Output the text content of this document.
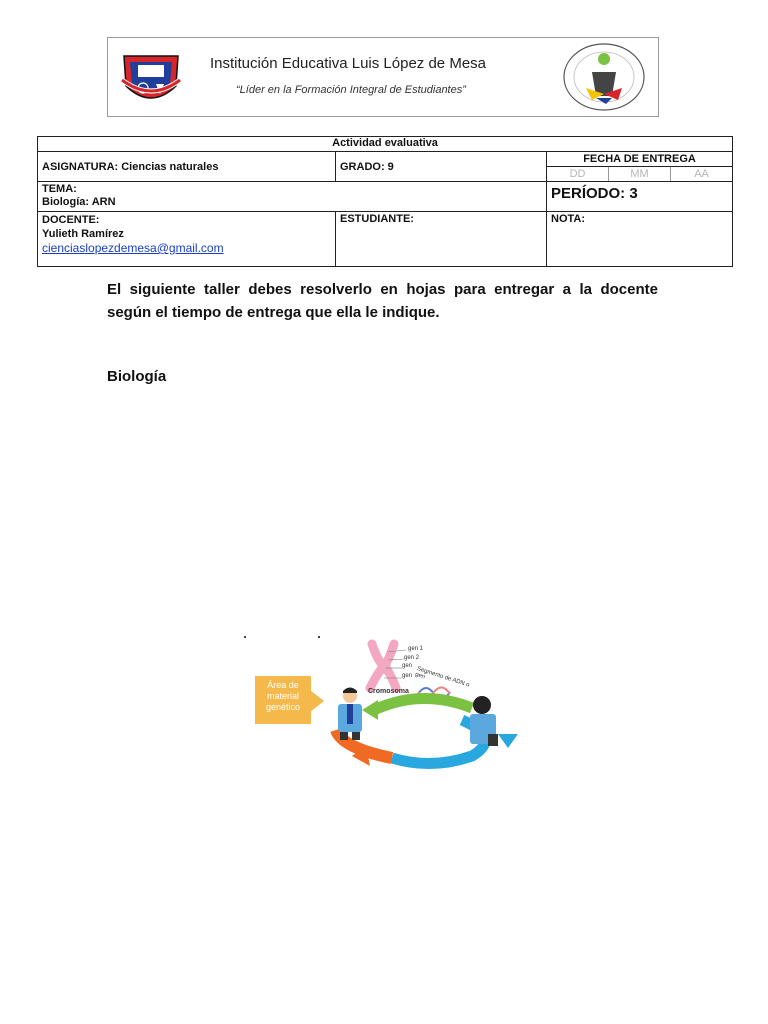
Institución Educativa Luis López de Mesa
“Líder en la Formación Integral de Estudiantes”
Actividad evaluativa		
ASIGNATURA: Ciencias naturales	GRADO: 9	FECHA DE ENTREGA
DD MM AA

TEMA:
Biología: ARN		PERÍODO: 3

DOCENTE:
Yulieth Ramírez
cienciaslopezdemesa@gmail.com	ESTUDIANTE:	NOTA:
El siguiente taller debes resolverlo en hojas para entregar a la docente según el tiempo de entrega que ella le indique.
Biología
Área de material genético
Cromosoma
gen 1
gen 2
gen
gen Segmento de ADN o gen
